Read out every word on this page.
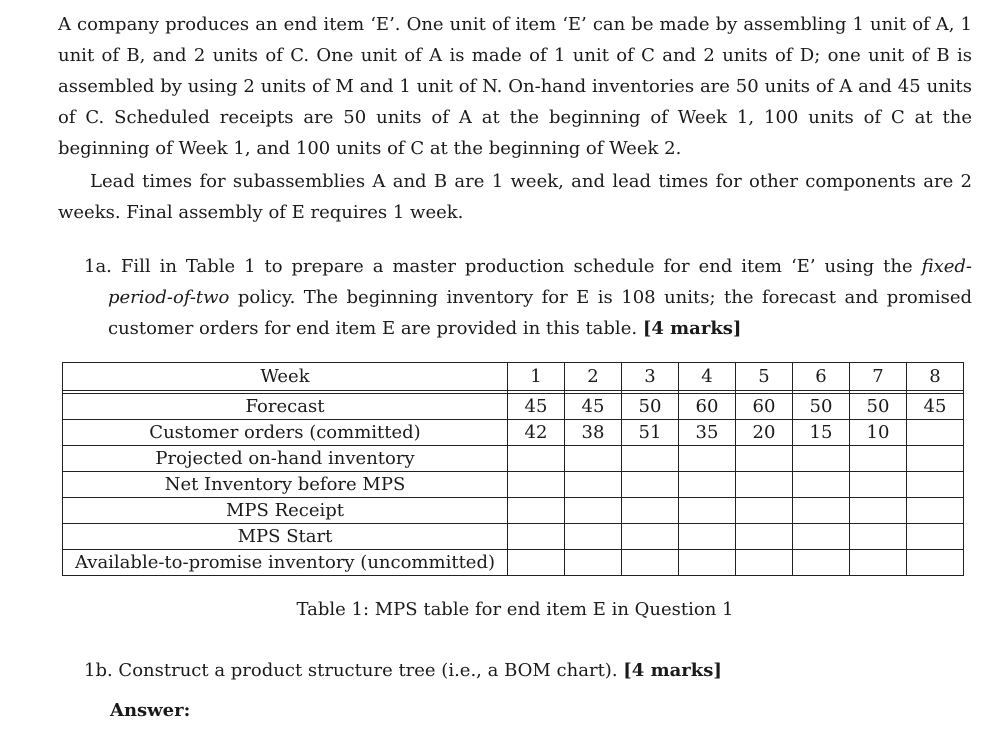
A company produces an end item ‘E’. One unit of item ‘E’ can be made by assembling 1 unit of A, 1 unit of B, and 2 units of C. One unit of A is made of 1 unit of C and 2 units of D; one unit of B is assembled by using 2 units of M and 1 unit of N. On-hand inventories are 50 units of A and 45 units of C. Scheduled receipts are 50 units of A at the beginning of Week 1, 100 units of C at the beginning of Week 1, and 100 units of C at the beginning of Week 2.

Lead times for subassemblies A and B are 1 week, and lead times for other components are 2 weeks. Final assembly of E requires 1 week.

1a. Fill in Table 1 to prepare a master production schedule for end item ‘E’ using the fixed-period-of-two policy. The beginning inventory for E is 108 units; the forecast and promised customer orders for end item E are provided in this table. [4 marks]

Week	1	2	3	4	5	6	7	8

Forecast	45	45	50	60	60	50	50	45
Customer orders (committed)	42	38	51	35	20	15	10	
Projected on-hand inventory								
Net Inventory before MPS								
MPS Receipt								
MPS Start								
Available-to-promise inventory (uncommitted)								

Table 1: MPS table for end item E in Question 1

1b. Construct a product structure tree (i.e., a BOM chart). [4 marks]

Answer:
